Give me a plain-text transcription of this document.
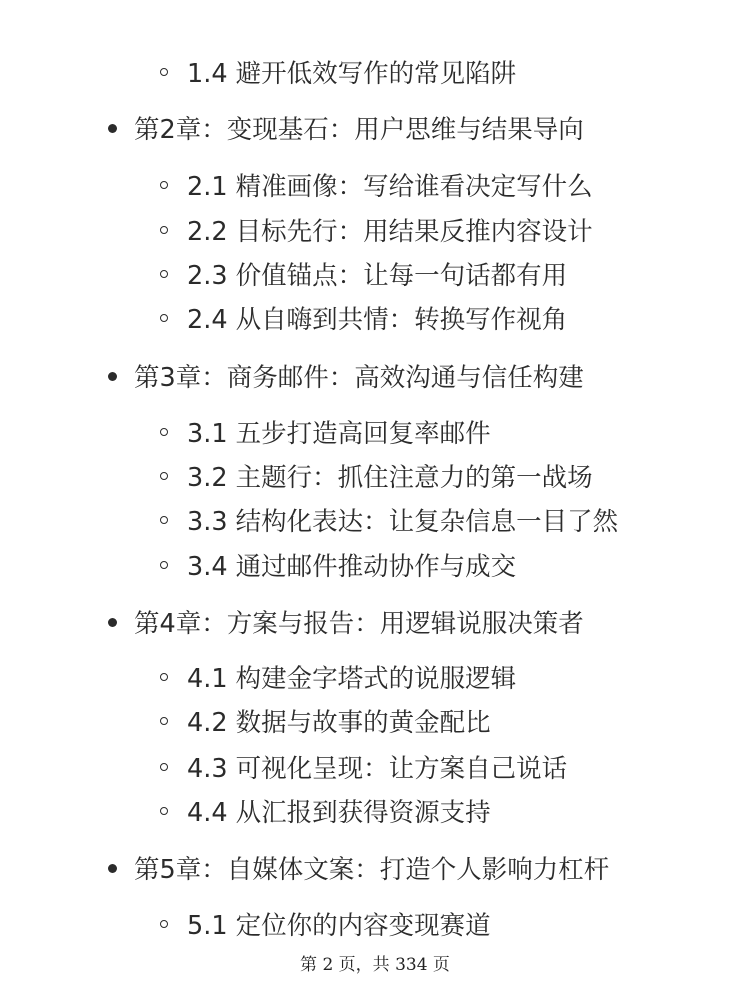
1.4 避开低效写作的常见陷阱
第2章：变现基石：用户思维与结果导向
2.1 精准画像：写给谁看决定写什么
2.2 目标先行：用结果反推内容设计
2.3 价值锚点：让每一句话都有用
2.4 从自嗨到共情：转换写作视角
第3章：商务邮件：高效沟通与信任构建
3.1 五步打造高回复率邮件
3.2 主题行：抓住注意力的第一战场
3.3 结构化表达：让复杂信息一目了然
3.4 通过邮件推动协作与成交
第4章：方案与报告：用逻辑说服决策者
4.1 构建金字塔式的说服逻辑
4.2 数据与故事的黄金配比
4.3 可视化呈现：让方案自己说话
4.4 从汇报到获得资源支持
第5章：自媒体文案：打造个人影响力杠杆
5.1 定位你的内容变现赛道
第 2 页，共 334 页
